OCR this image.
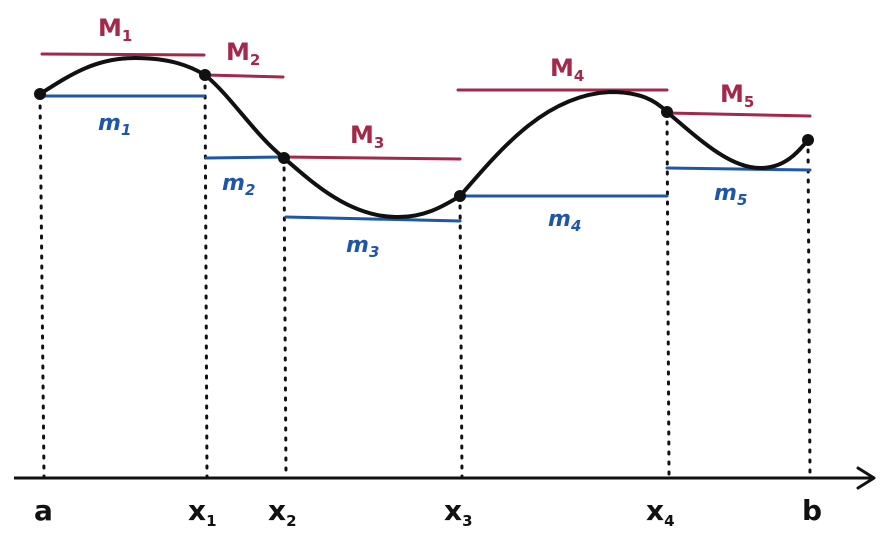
$M_1$
$M_2$
$M_3$
$M_4$
$M_5$
$m_1$
$m_2$
$m_3$
$m_4$
$m_5$
a	$x_1$ $x_2$	$x_3$	$x_4$	b
